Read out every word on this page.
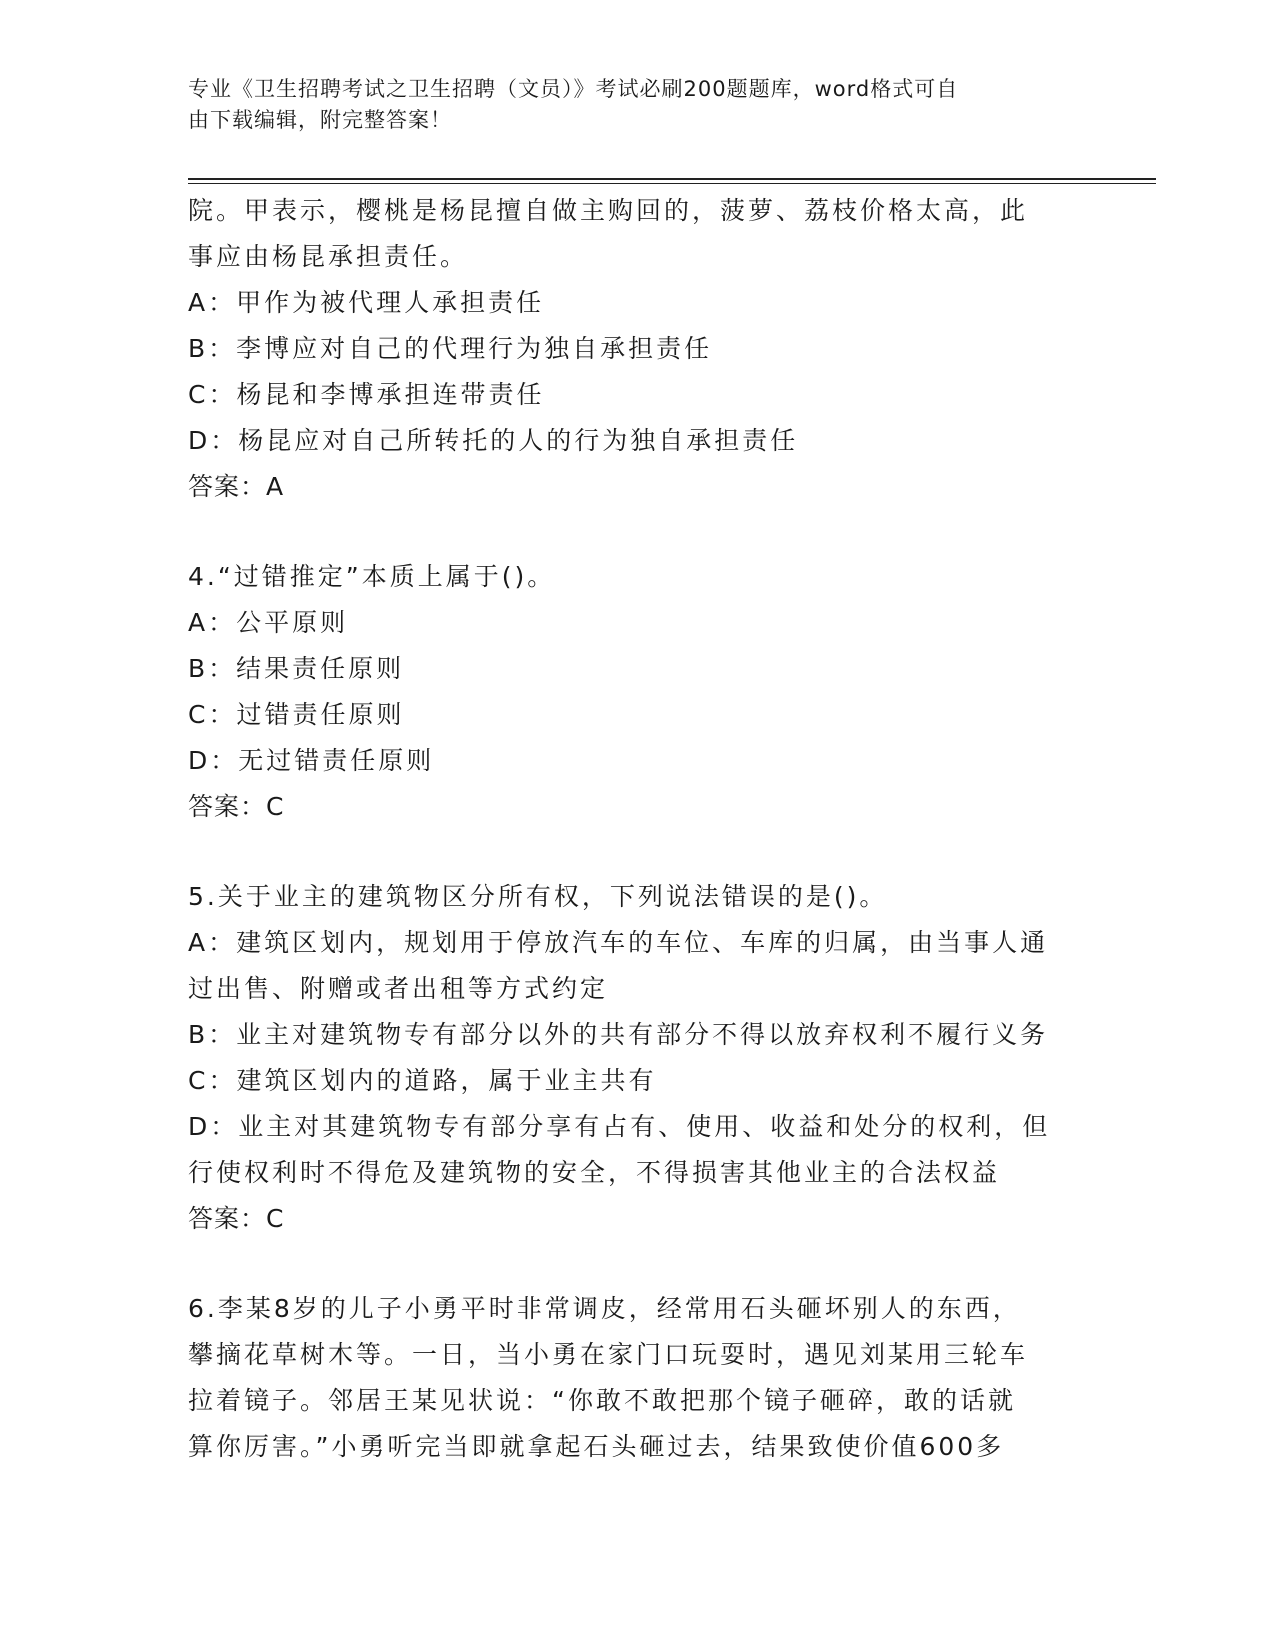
专业《卫生招聘考试之卫生招聘（文员）》考试必刷200题题库，word格式可自
由下载编辑，附完整答案！
院。甲表示，樱桃是杨昆擅自做主购回的，菠萝、荔枝价格太高，此
事应由杨昆承担责任。
A：甲作为被代理人承担责任
B：李博应对自己的代理行为独自承担责任
C：杨昆和李博承担连带责任
D：杨昆应对自己所转托的人的行为独自承担责任
答案：A
4.“过错推定”本质上属于()。
A：公平原则
B：结果责任原则
C：过错责任原则
D：无过错责任原则
答案：C
5.关于业主的建筑物区分所有权，下列说法错误的是()。
A：建筑区划内，规划用于停放汽车的车位、车库的归属，由当事人通
过出售、附赠或者出租等方式约定
B：业主对建筑物专有部分以外的共有部分不得以放弃权利不履行义务
C：建筑区划内的道路，属于业主共有
D：业主对其建筑物专有部分享有占有、使用、收益和处分的权利，但
行使权利时不得危及建筑物的安全，不得损害其他业主的合法权益
答案：C
6.李某8岁的儿子小勇平时非常调皮，经常用石头砸坏别人的东西，
攀摘花草树木等。一日，当小勇在家门口玩耍时，遇见刘某用三轮车
拉着镜子。邻居王某见状说：“你敢不敢把那个镜子砸碎，敢的话就
算你厉害。”小勇听完当即就拿起石头砸过去，结果致使价值600多
